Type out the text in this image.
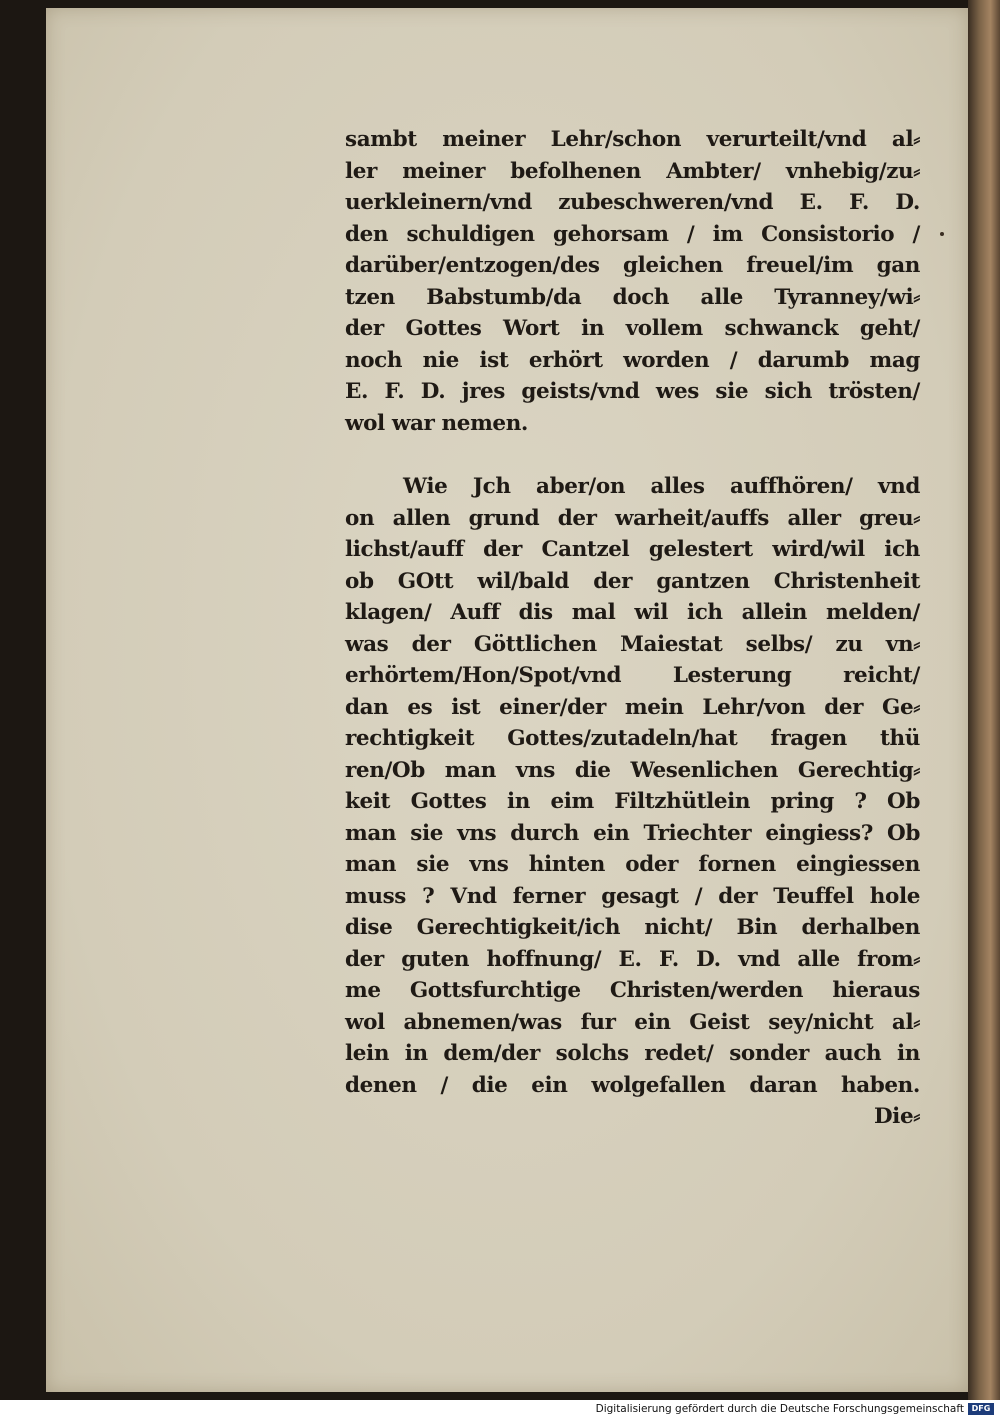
sambt meiner Lehr/schon verurteilt/vnd al⸗
ler meiner befolhenen Ambter/ vnhebig/zu⸗
uerkleinern/vnd zubeschweren/vnd E. F. D.
den schuldigen gehorsam / im Consistorio /
darüber/entzogen/des gleichen freuel/im gan
tzen Babstumb/da doch alle Tyranney/wi⸗
der Gottes Wort in vollem schwanck geht/
noch nie ist erhört worden / darumb mag
E. F. D. jres geists/vnd wes sie sich trösten/
wol war nemen.
Wie Jch aber/on alles auffhören/ vnd
on allen grund der warheit/auffs aller greu⸗
lichst/auff der Cantzel gelestert wird/wil ich
ob GOtt wil/bald der gantzen Christenheit
klagen/ Auff dis mal wil ich allein melden/
was der Göttlichen Maiestat selbs/ zu vn⸗
erhörtem/Hon/Spot/vnd Lesterung reicht/
dan es ist einer/der mein Lehr/von der Ge⸗
rechtigkeit Gottes/zutadeln/hat fragen thü
ren/Ob man vns die Wesenlichen Gerechtig⸗
keit Gottes in eim Filtzhütlein pring ? Ob
man sie vns durch ein Triechter eingiess? Ob
man sie vns hinten oder fornen eingiessen
muss ? Vnd ferner gesagt / der Teuffel hole
dise Gerechtigkeit/ich nicht/ Bin derhalben
der guten hoffnung/ E. F. D. vnd alle from⸗
me Gottsfurchtige Christen/werden hieraus
wol abnemen/was fur ein Geist sey/nicht al⸗
lein in dem/der solchs redet/ sonder auch in
denen / die ein wolgefallen daran haben.
Die⸗
Digitalisierung gefördert durch die Deutsche Forschungsgemeinschaft DFG
